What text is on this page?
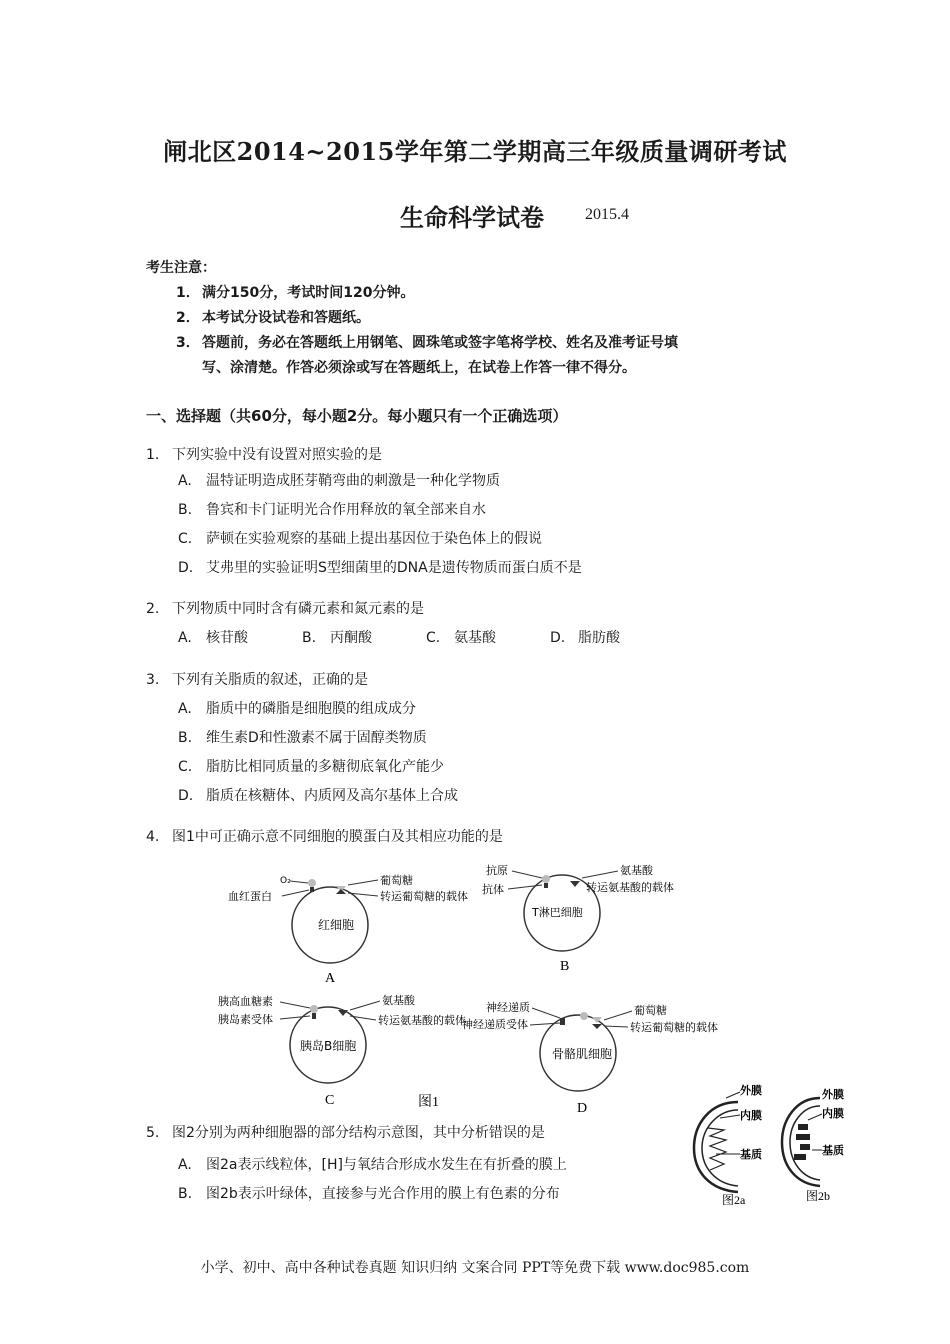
闸北区2014~2015学年第二学期高三年级质量调研考试
生命科学试卷	2015.4
考生注意：
1． 满分150分，考试时间120分钟。
2． 本考试分设试卷和答题纸。
3． 答题前，务必在答题纸上用钢笔、圆珠笔或签字笔将学校、姓名及准考证号填
写、涂清楚。作答必须涂或写在答题纸上，在试卷上作答一律不得分。
一、选择题（共60分，每小题2分。每小题只有一个正确选项）
1. 下列实验中没有设置对照实验的是
A. 温特证明造成胚芽鞘弯曲的刺激是一种化学物质
B. 鲁宾和卡门证明光合作用释放的氧全部来自水
C. 萨顿在实验观察的基础上提出基因位于染色体上的假说
D. 艾弗里的实验证明S型细菌里的DNA是遗传物质而蛋白质不是
2. 下列物质中同时含有磷元素和氮元素的是
A. 核苷酸	B. 丙酮酸	C. 氨基酸	D. 脂肪酸
3. 下列有关脂质的叙述，正确的是
A. 脂质中的磷脂是细胞膜的组成成分
B. 维生素D和性激素不属于固醇类物质
C. 脂肪比相同质量的多糖彻底氧化产能少
D. 脂质在核糖体、内质网及高尔基体上合成
4. 图1中可正确示意不同细胞的膜蛋白及其相应功能的是
O₂
血红蛋白
葡萄糖
转运葡萄糖的载体
红细胞
A
抗原
抗体
氨基酸
转运氨基酸的载体
T淋巴细胞
B
胰高血糖素
胰岛素受体
氨基酸
转运氨基酸的载体
胰岛B细胞
C
神经递质
神经递质受体
葡萄糖
转运葡萄糖的载体
骨骼肌细胞
D
图1
5. 图2分别为两种细胞器的部分结构示意图，其中分析错误的是
A. 图2a表示线粒体，[H]与氧结合形成水发生在有折叠的膜上
B. 图2b表示叶绿体，直接参与光合作用的膜上有色素的分布
外膜
内膜
基质
图2a
外膜
内膜
基质
图2b
小学、初中、高中各种试卷真题 知识归纳 文案合同 PPT等免费下载 www.doc985.com
